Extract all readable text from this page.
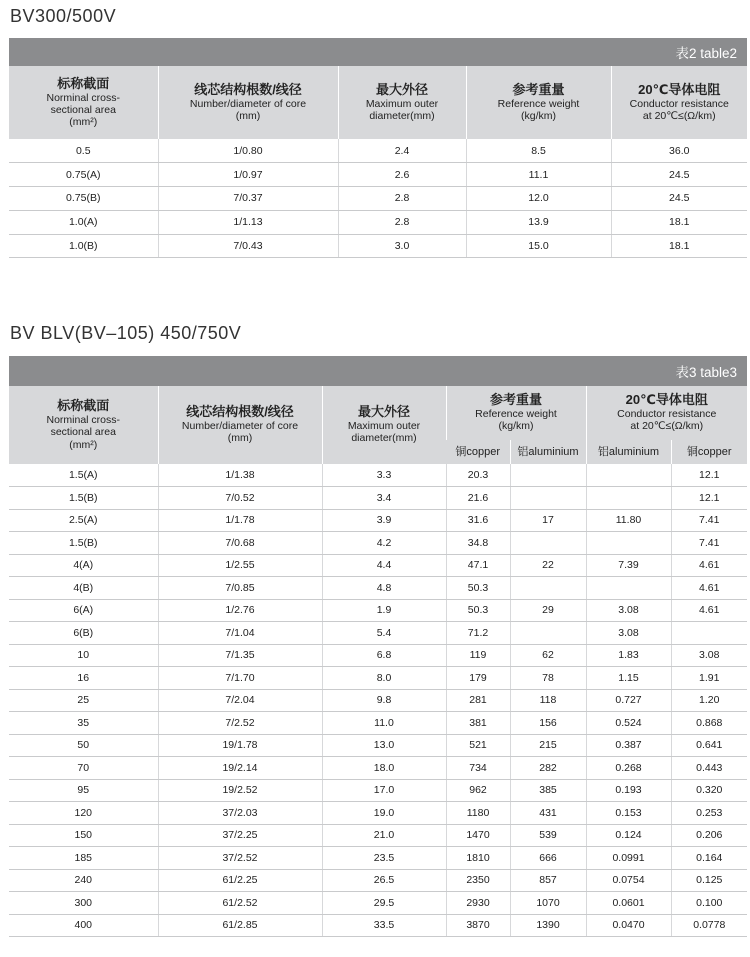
BV300/500V
表2 table2
标称截面
Norminal cross-
sectional area
(mm²)	线芯结构根数/线径
Number/diameter of core
(mm)	最大外径
Maximum outer
diameter(mm)	参考重量
Reference weight
(kg/km)	20℃导体电阻
Conductor resistance
at 20℃≤(Ω/km)

0.5	1/0.80	2.4	8.5	36.0
0.75(A)	1/0.97	2.6	11.1	24.5
0.75(B)	7/0.37	2.8	12.0	24.5
1.0(A)	1/1.13	2.8	13.9	18.1
1.0(B)	7/0.43	3.0	15.0	18.1
BV BLV(BV–105) 450/750V
表3 table3
标称截面
Norminal cross-
sectional area
(mm²)	线芯结构根数/线径
Number/diameter of core
(mm)	最大外径
Maximum outer
diameter(mm)	参考重量
Reference weight
(kg/km)		20℃导体电阻
Conductor resistance
at 20℃≤(Ω/km)	

			铜copper	铝aluminium	铝aluminium	铜copper
1.5(A)	1/1.38	3.3	20.3			12.1
1.5(B)	7/0.52	3.4	21.6			12.1
2.5(A)	1/1.78	3.9	31.6	17	11.80	7.41
1.5(B)	7/0.68	4.2	34.8			7.41
4(A)	1/2.55	4.4	47.1	22	7.39	4.61
4(B)	7/0.85	4.8	50.3			4.61
6(A)	1/2.76	1.9	50.3	29	3.08	4.61
6(B)	7/1.04	5.4	71.2		3.08	
10	7/1.35	6.8	119	62	1.83	3.08
16	7/1.70	8.0	179	78	1.15	1.91
25	7/2.04	9.8	281	118	0.727	1.20
35	7/2.52	11.0	381	156	0.524	0.868
50	19/1.78	13.0	521	215	0.387	0.641
70	19/2.14	18.0	734	282	0.268	0.443
95	19/2.52	17.0	962	385	0.193	0.320
120	37/2.03	19.0	1180	431	0.153	0.253
150	37/2.25	21.0	1470	539	0.124	0.206
185	37/2.52	23.5	1810	666	0.0991	0.164
240	61/2.25	26.5	2350	857	0.0754	0.125
300	61/2.52	29.5	2930	1070	0.0601	0.100
400	61/2.85	33.5	3870	1390	0.0470	0.0778
